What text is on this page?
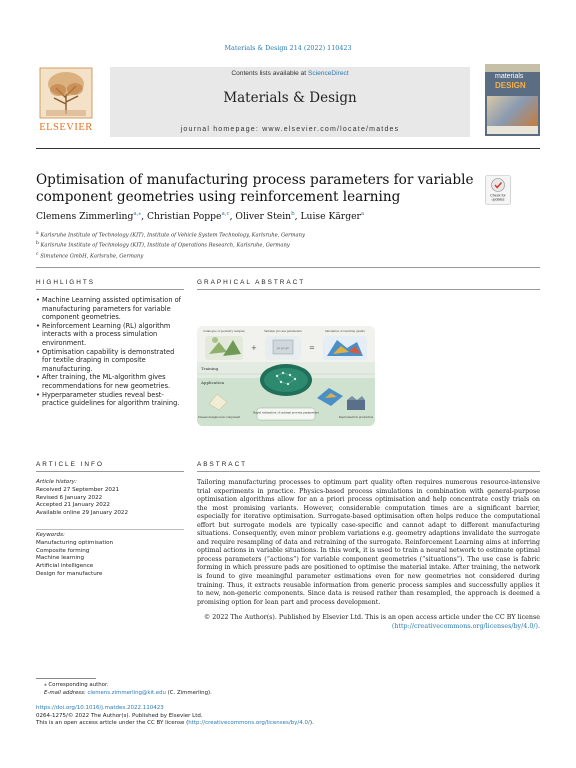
Materials & Design 214 (2022) 110423
Contents lists available at ScienceDirect
Materials & Design
journal homepage: www.elsevier.com/locate/matdes
ELSEVIER
materials
DESIGN
Optimisation of manufacturing process parameters for variable
component geometries using reinforcement learning	Check for
updates
Clemens Zimmerling$^{a,⁎}$, Christian Poppe$^{a,c}$, Oliver Stein$^b$, Luise Kärger$^a$
$^a$ Karlsruhe Institute of Technology (KIT), Institute of Vehicle System Technology, Karlsruhe, Germany
$^b$ Karlsruhe Institute of Technology (KIT), Institute of Operations Research, Karlsruhe, Germany
$^c$ Simutence GmbH, Karlsruhe, Germany
HIGHLIGHTS
• Machine Learning assisted optimisation of manufacturing parameters for variable component geometries.
• Reinforcement Learning (RL) algorithm interacts with a process simulation environment.
• Optimisation capability is demonstrated for textile draping in composite manufacturing.
• After training, the ML-algorithm gives recommendations for new geometries.
• Hyperparameter studies reveal best-practice guidelines for algorithm training.
GRAPHICAL ABSTRACT
Catalogue of geometry samples	Variable process parameters	Simulation of resulting quality
+	p₁ p₂ p₃	=
Training
Application
Unseen designs new component
Rapid estimation of optimal process parameters
Deployment in production
ARTICLE INFO
Article history:
Received 27 September 2021
Revised 6 January 2022
Accepted 21 January 2022
Available online 29 January 2022
Keywords:
Manufacturing optimisation
Composite forming
Machine learning
Artificial intelligence
Design for manufacture
ABSTRACT
Tailoring manufacturing processes to optimum part quality often requires numerous resource-intensive trial experiments in practice. Physics-based process simulations in combination with general-purpose optimisation algorithms allow for an a priori process optimisation and help concentrate costly trials on the most promising variants. However, considerable computation times are a significant barrier, especially for iterative optimisation. Surrogate-based optimisation often helps reduce the computational effort but surrogate models are typically case-specific and cannot adapt to different manufacturing situations. Consequently, even minor problem variations e.g. geometry adaptions invalidate the surrogate and require resampling of data and retraining of the surrogate. Reinforcement Learning aims at inferring optimal actions in variable situations. In this work, it is used to train a neural network to estimate optimal process parameters (“actions”) for variable component geometries (“situations”). The use case is fabric forming in which pressure pads are positioned to optimise the material intake. After training, the network is found to give meaningful parameter estimations even for new geometries not considered during training. Thus, it extracts reusable information from generic process samples and successfully applies it to new, non-generic components. Since data is reused rather than resampled, the approach is deemed a promising option for lean part and process development.
© 2022 The Author(s). Published by Elsevier Ltd. This is an open access article under the CC BY license
(http://creativecommons.org/licenses/by/4.0/).
⁎ Corresponding author.
E-mail address: clemens.zimmerling@kit.edu (C. Zimmerling).
https://doi.org/10.1016/j.matdes.2022.110423
0264-1275/© 2022 The Author(s). Published by Elsevier Ltd.
This is an open access article under the CC BY license (http://creativecommons.org/licenses/by/4.0/).
